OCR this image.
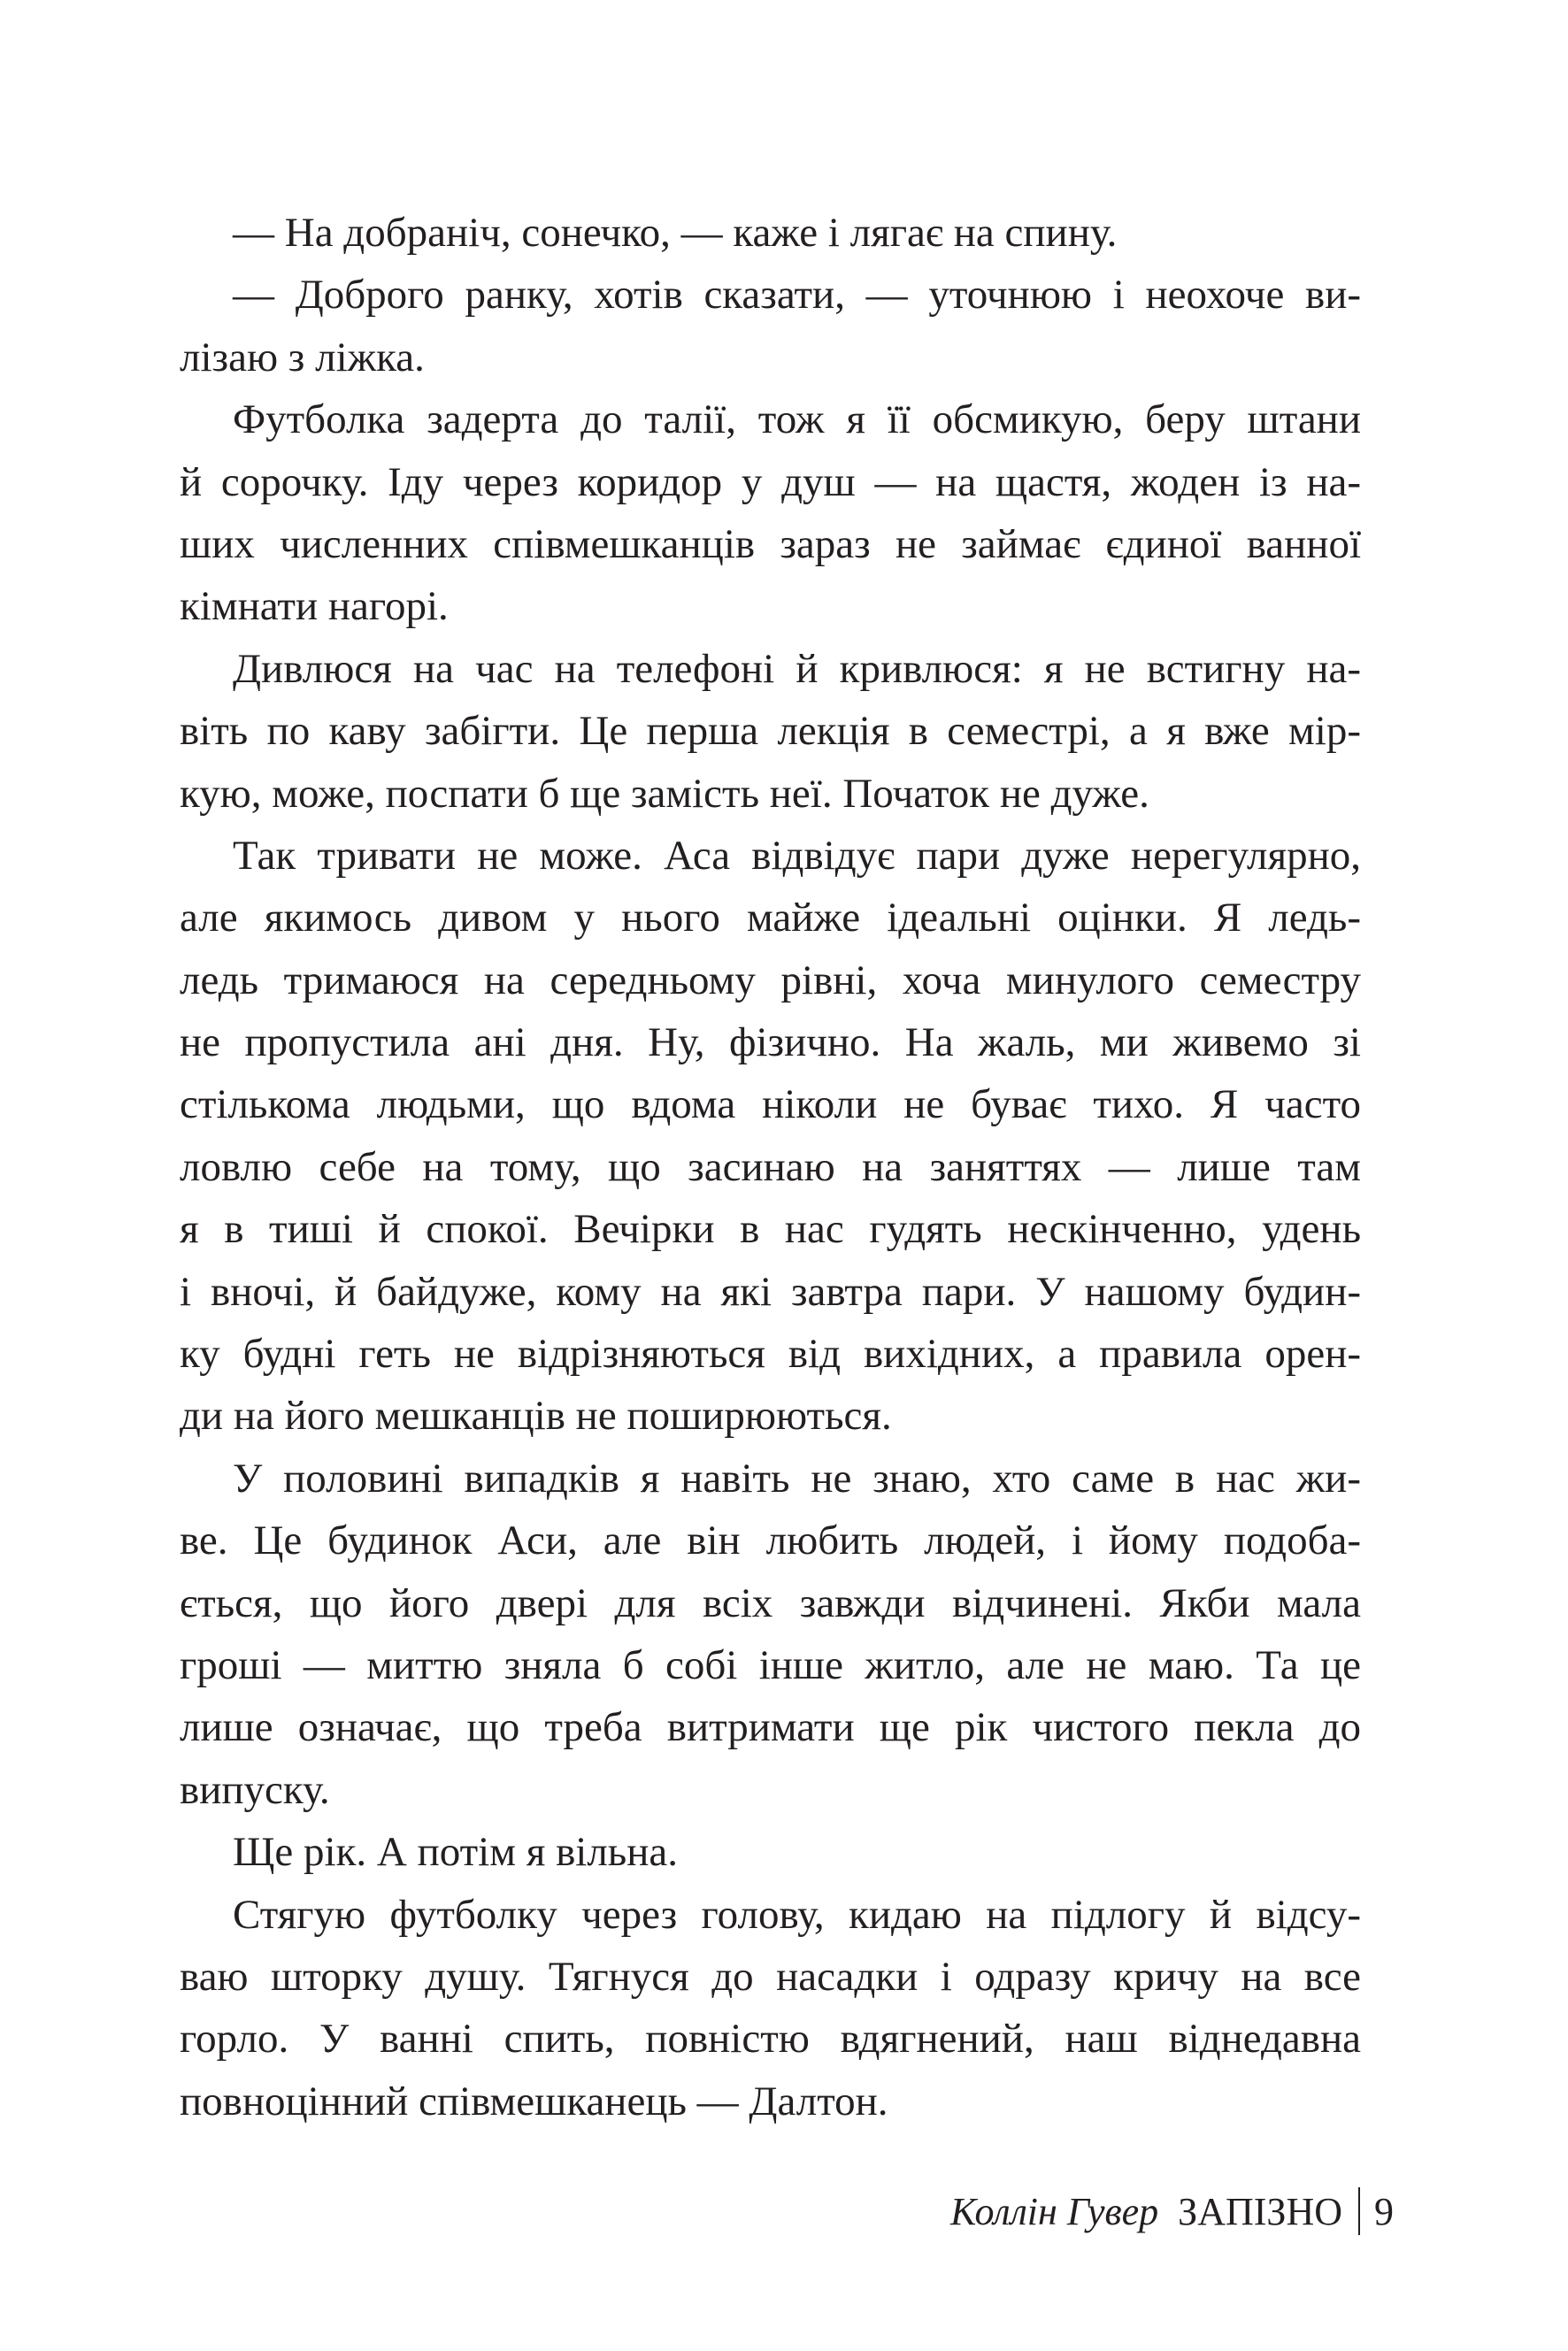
— На добраніч, сонечко, — каже і лягає на спину.
— Доброго ранку, хотів сказати, — уточнюю і неохоче ви-
лізаю з ліжка.
Футболка задерта до талії, тож я її обсмикую, беру штани
й сорочку. Іду через коридор у душ — на щастя, жоден із на-
ших численних співмешканців зараз не займає єдиної ванної
кімнати нагорі.
Дивлюся на час на телефоні й кривлюся: я не встигну на-
віть по каву забігти. Це перша лекція в семестрі, а я вже мір-
кую, може, поспати б ще замість неї. Початок не дуже.
Так тривати не може. Аса відвідує пари дуже нерегулярно,
але якимось дивом у нього майже ідеальні оцінки. Я ледь-
ледь тримаюся на середньому рівні, хоча минулого семестру
не пропустила ані дня. Ну, фізично. На жаль, ми живемо зі
стількома людьми, що вдома ніколи не буває тихо. Я часто
ловлю себе на тому, що засинаю на заняттях — лише там
я в тиші й спокої. Вечірки в нас гудять нескінченно, удень
і вночі, й байдуже, кому на які завтра пари. У нашому будин-
ку будні геть не відрізняються від вихідних, а правила орен-
ди на його мешканців не поширюються.
У половині випадків я навіть не знаю, хто саме в нас жи-
ве. Це будинок Аси, але він любить людей, і йому подоба-
ється, що його двері для всіх завжди відчинені. Якби мала
гроші — миттю зняла б собі інше житло, але не маю. Та це
лише означає, що треба витримати ще рік чистого пекла до
випуску.
Ще рік. А потім я вільна.
Стягую футболку через голову, кидаю на підлогу й відсу-
ваю шторку душу. Тягнуся до насадки і одразу кричу на все
горло. У ванні спить, повністю вдягнений, наш віднедавна
повноцінний співмешканець — Далтон.
Коллін Гувер ЗАПІЗНО 9
